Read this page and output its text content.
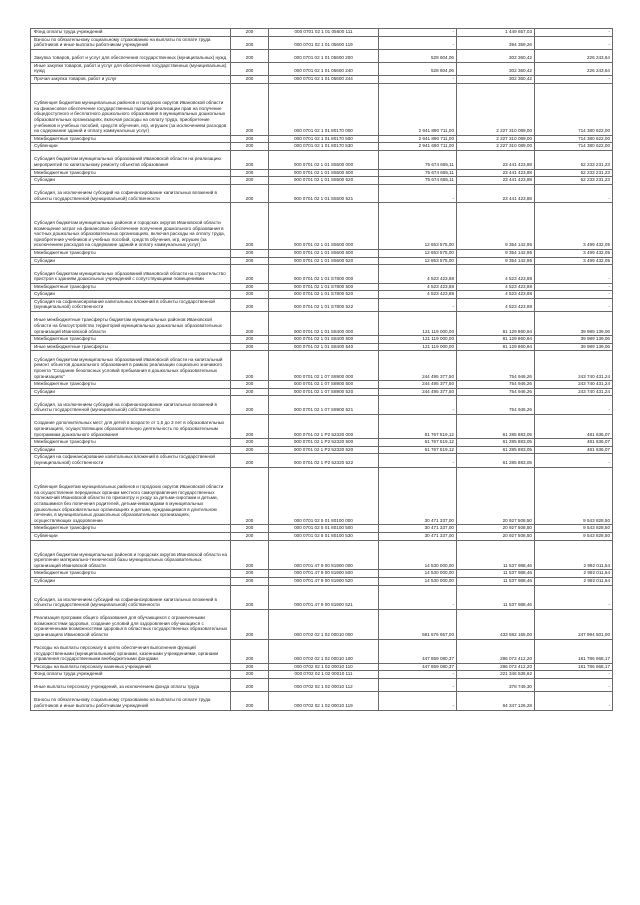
Фонд оплаты труда учреждений	200	000 0701 02 1 01 05600 111	-	1 449 657,03	-
Взносы по обязательному социальному страхованию на выплаты по оплате труда работников и иные выплаты работникам учреждений	200	000 0701 02 1 01 05600 119	-	394 359,26	-
Закупка товаров, работ и услуг для обеспечения государственных (муниципальных) нужд	200	000 0701 02 1 01 05600 200	528 604,06	302 360,42	226 243,64
Иные закупки товаров, работ и услуг для обеспечения государственных (муниципальных) нужд	200	000 0701 02 1 01 05600 240	528 604,06	302 360,42	226 243,64
Прочая закупка товаров, работ и услуг	200	000 0701 02 1 01 05600 244	-	302 360,42	-
Субвенция бюджетам муниципальных районов и городских округов Ивановской области на финансовое обеспечение государственных гарантий реализации прав на получение общедоступного и бесплатного дошкольного образования в муниципальных дошкольных образовательных организациях, включая расходы на оплату труда, приобретение учебников и учебных пособий, средств обучения, игр, игрушек (за исключением расходов на содержание зданий и оплату коммунальных услуг)	200	000 0701 02 1 01 80170 000	2 941 890 711,00	2 227 310 089,00	714 380 622,00
Межбюджетные трансферты	200	000 0701 02 1 01 80170 500	2 941 890 711,00	2 227 310 089,00	714 380 622,00
Субвенции	200	000 0701 02 1 01 80170 530	2 941 690 711,00	2 227 310 089,00	714 380 622,00
Субсидия бюджетам муниципальных образований Ивановской области на реализацию мероприятий по капитальному ремонту объектов образования	200	000 0701 02 1 01 S5500 000	75 674 655,11	23 441 423,88	52 233 231,23
Межбюджетные трансферты	200	000 0701 02 1 01 S5500 500	75 674 655,11	23 441 423,88	52 233 231,23
Субсидии	200	000 0701 02 1 01 S5500 520	75 674 655,11	23 441 423,88	52 233 231,23
Субсидия, за исключением субсидий на софинансирование капитальных вложений в объекты государственной (муниципальной) собственности	200	000 0701 02 1 01 S5500 521	-	23 441 423,88	-
Субсидия бюджетам муниципальных районов и городских округов Ивановской области возмещение затрат на финансовое обеспечение получения дошкольного образования в частных дошкольных образовательных организациях, включая расходы на оплату труда, приобретение учебников и учебных пособий, средств обучения, игр, игрушек (за исключением расходов на содержание зданий и оплату коммунальных услуг)	200	000 0701 02 1 01 S5600 000	12 653 575,00	9 354 142,95	3 499 432,05
Межбюджетные трансферты	200	000 0701 02 1 01 S5600 500	12 653 575,00	9 354 142,95	3 499 432,05
Субсидии	200	000 0701 02 1 01 S5600 520	12 853 575,00	9 354 142,95	3 499 432,05
Субсидия бюджетам муниципальных образований Ивановской области на строительство пристроя к зданиям дошкольных учреждений с сопутствующими помещениями	200	000 0701 02 1 01 S7800 000	4 523 423,88	4 523 423,88	-
Межбюджетные трансферты	200	000 0701 02 1 01 S7800 500	4 523 423,88	4 523 423,88	-
Субсидии	200	000 0701 02 1 01 S7800 520	4 523 423,88	4 523 423,88	-
Субсидия на софинансирование капитальных вложений в объекты государственной (муниципальной) собственности	200	000 0701 02 1 01 S7800 522	-	4 523 423,88	-
Иные межбюджетные трансферты бюджетам муниципальных районов Ивановской области на благоустройство территорий муниципальных дошкольных образовательных организаций Ивановской области	200	000 0701 02 1 01 S8400 000	121 119 000,00	81 129 860,94	39 989 139,06
Межбюджетные трансферты	200	000 0701 02 1 01 S8400 500	121 119 000,00	81 129 860,94	39 989 139,06
Иные межбюджетные трансферты	200	000 0701 02 1 01 S8400 540	121 119 000,00	81 129 860,94	39 989 139,06
Субсидия бюджетам муниципальных образований Ивановской области на капитальный ремонт объектов дошкольного образования в рамках реализации социально значимого проекта "Создание безопасных условий пребывания в дошкольных образовательных организациях"	200	000 0701 02 1 07 S8900 000	244 495 377,50	754 946,26	243 740 431,24
Межбюджетные трансферты	200	000 0701 02 1 07 S8900 500	244 495 377,50	754 946,26	243 740 431,24
Субсидии	200	000 0701 02 1 07 S8900 520	244 495 377,50	754 946,26	243 740 431,24
Субсидия, за исключением субсидий на софинансирование капитальных вложений в объекты государственной (муниципальной) собственности	200	000 0701 02 1 07 S8900 521	-	754 946,26	-
Создание дополнительных мест для детей в возрасте от 1,5 до 3 лет в образовательных организациях, осуществляющих образовательную деятельность по образовательным программам дошкольного образования	200	000 0701 02 1 P2 52320 000	61 767 519,12	61 285 883,05	481 636,07
Межбюджетные трансферты	200	000 0701 02 1 P2 52320 500	61 767 519,12	61 285 883,05	481 636,07
Субсидии	200	000 0701 02 1 P2 52320 520	61 767 519,12	61 285 883,05	481 636,07
Субсидия на софинансирование капитальных вложений в объекты государственной (муниципальной) собственности	200	000 0701 02 1 P2 52320 522	-	61 285 883,05	-
Субвенция бюджетам муниципальных районов и городских округов Ивановской области на осуществление переданных органам местного самоуправления государственных полномочий Ивановской области по присмотру и уходу за детьми-сиротами и детьми, оставшимися без попечения родителей, детьми-инвалидами в муниципальных дошкольных образовательных организациях и детьми, нуждающимися в длительном лечении, в муниципальных дошкольных образовательных организациях, осуществляющих оздоровление	200	000 0701 02 5 01 80100 000	30 471 337,00	20 927 508,50	9 543 828,50
Межбюджетные трансферты	200	000 0701 02 5 01 80100 500	30 471 337,00	20 927 508,50	9 543 828,50
Субвенции	200	000 0701 02 5 01 80100 530	30 471 337,00	20 927 508,50	9 543 828,50
Субсидия бюджетам муниципальных районов и городских округов Ивановской области на укрепление материально-технической базы муниципальных образовательных организаций Ивановской области	200	000 0701 47 9 00 81900 000	14 530 000,00	11 537 988,46	2 992 011,54
Межбюджетные трансферты	200	000 0701 47 9 00 81900 500	14 530 000,00	11 537 988,46	2 992 011,54
Субсидии	200	000 0701 47 9 00 81900 520	14 530 000,00	11 537 988,46	2 992 011,54
Субсидия, за исключением субсидий на софинансирование капитальных вложений в объекты государственной (муниципальной) собственности	200	000 0701 47 9 00 81900 521	-	11 537 988,46	-
Реализация программ общего образования для обучающихся с ограниченными возможностями здоровья, создание условий для оздоровления обучающихся с ограниченными возможностями здоровья в областных государственных образовательных организациях Ивановской области	200	000 0702 02 1 02 00010 000	681 576 657,00	433 582 165,00	247 994 501,00
Расходы на выплаты персоналу в целях обеспечения выполнения функций государственными (муниципальными) органами, казенными учреждениями, органами управления государственными внебюджетными фондами	200	000 0702 02 1 02 00010 100	447 859 080,37	286 072 412,20	161 786 668,17
Расходы на выплаты персоналу казенных учреждений	200	000 0702 02 1 02 00010 110	447 859 080,37	286 072 412,20	161 786 668,17
Фонд оплаты труда учреждений	200	000 0702 02 1 02 00010 111	-	221 346 536,62	-
Иные выплаты персоналу учреждений, за исключением фонда оплаты труда	200	000 0702 02 1 02 00010 112	-	378 749,30	-
Взносы по обязательному социальному страхованию на выплаты по оплате труда работников и иные выплаты работникам учреждений	200	000 0702 02 1 02 00010 119	-	64 347 126,28	-
